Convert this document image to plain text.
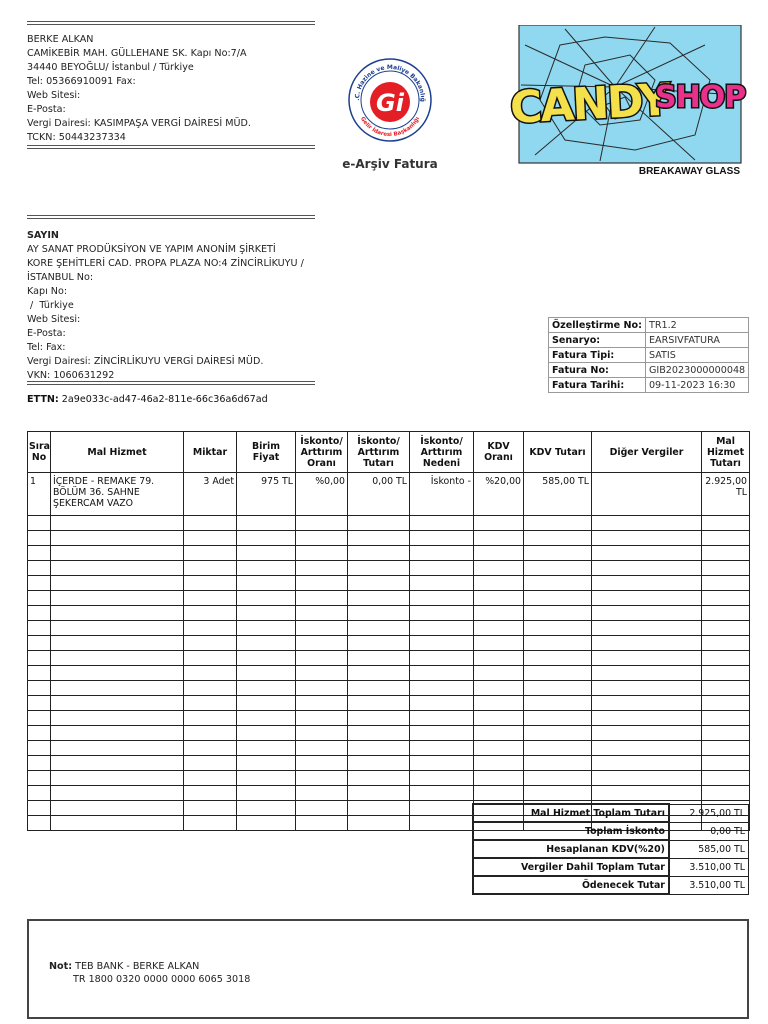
BERKE ALKAN
CAMİKEBİR MAH. GÜLLEHANE SK. Kapı No:7/A
34440 BEYOĞLU/ İstanbul / Türkiye
Tel: 05366910091 Fax:
Web Sitesi:
E-Posta:
Vergi Dairesi: KASIMPAŞA VERGİ DAİRESİ MÜD.
TCKN: 50443237334
.C. Hazine ve Maliye Bakanlığ
Gelir İdaresi Başkanlığı
Gi
e-Arşiv Fatura
CANDY
SHOP
BREAKAWAY GLASS
SAYIN
AY SANAT PRODÜKSİYON VE YAPIM ANONİM ŞİRKETİ
KORE ŞEHİTLERİ CAD. PROPA PLAZA NO:4 ZİNCİRLİKUYU /
İSTANBUL No:
Kapı No:
/  Türkiye
Web Sitesi:
E-Posta:
Tel: Fax:
Vergi Dairesi: ZİNCİRLİKUYU VERGİ DAİRESİ MÜD.
VKN: 1060631292
Özelleştirme No:	TR1.2
Senaryo:	EARSIVFATURA
Fatura Tipi:	SATIS
Fatura No:	GIB2023000000048
Fatura Tarihi:	09-11-2023 16:30
ETTN: 2a9e033c-ad47-46a2-811e-66c36a6d67ad
Sıra No	Mal Hizmet	Miktar	Birim Fiyat	İskonto/ Arttırım Oranı	İskonto/ Arttırım Tutarı	İskonto/ Arttırım Nedeni	KDV Oranı	KDV Tutarı	Diğer Vergiler	Mal Hizmet Tutarı
1	İÇERDE - REMAKE 79. BÖLÜM 36. SAHNE ŞEKERCAM VAZO	3 Adet	975 TL	%0,00	0,00 TL	İskonto -	%20,00	585,00 TL		2.925,00 TL

Mal Hizmet Toplam Tutarı	2.925,00 TL
Toplam İskonto	0,00 TL
Hesaplanan KDV(%20)	585,00 TL
Vergiler Dahil Toplam Tutar	3.510,00 TL
Ödenecek Tutar	3.510,00 TL
Not: TEB BANK - BERKE ALKAN
TR 1800 0320 0000 0000 6065 3018
